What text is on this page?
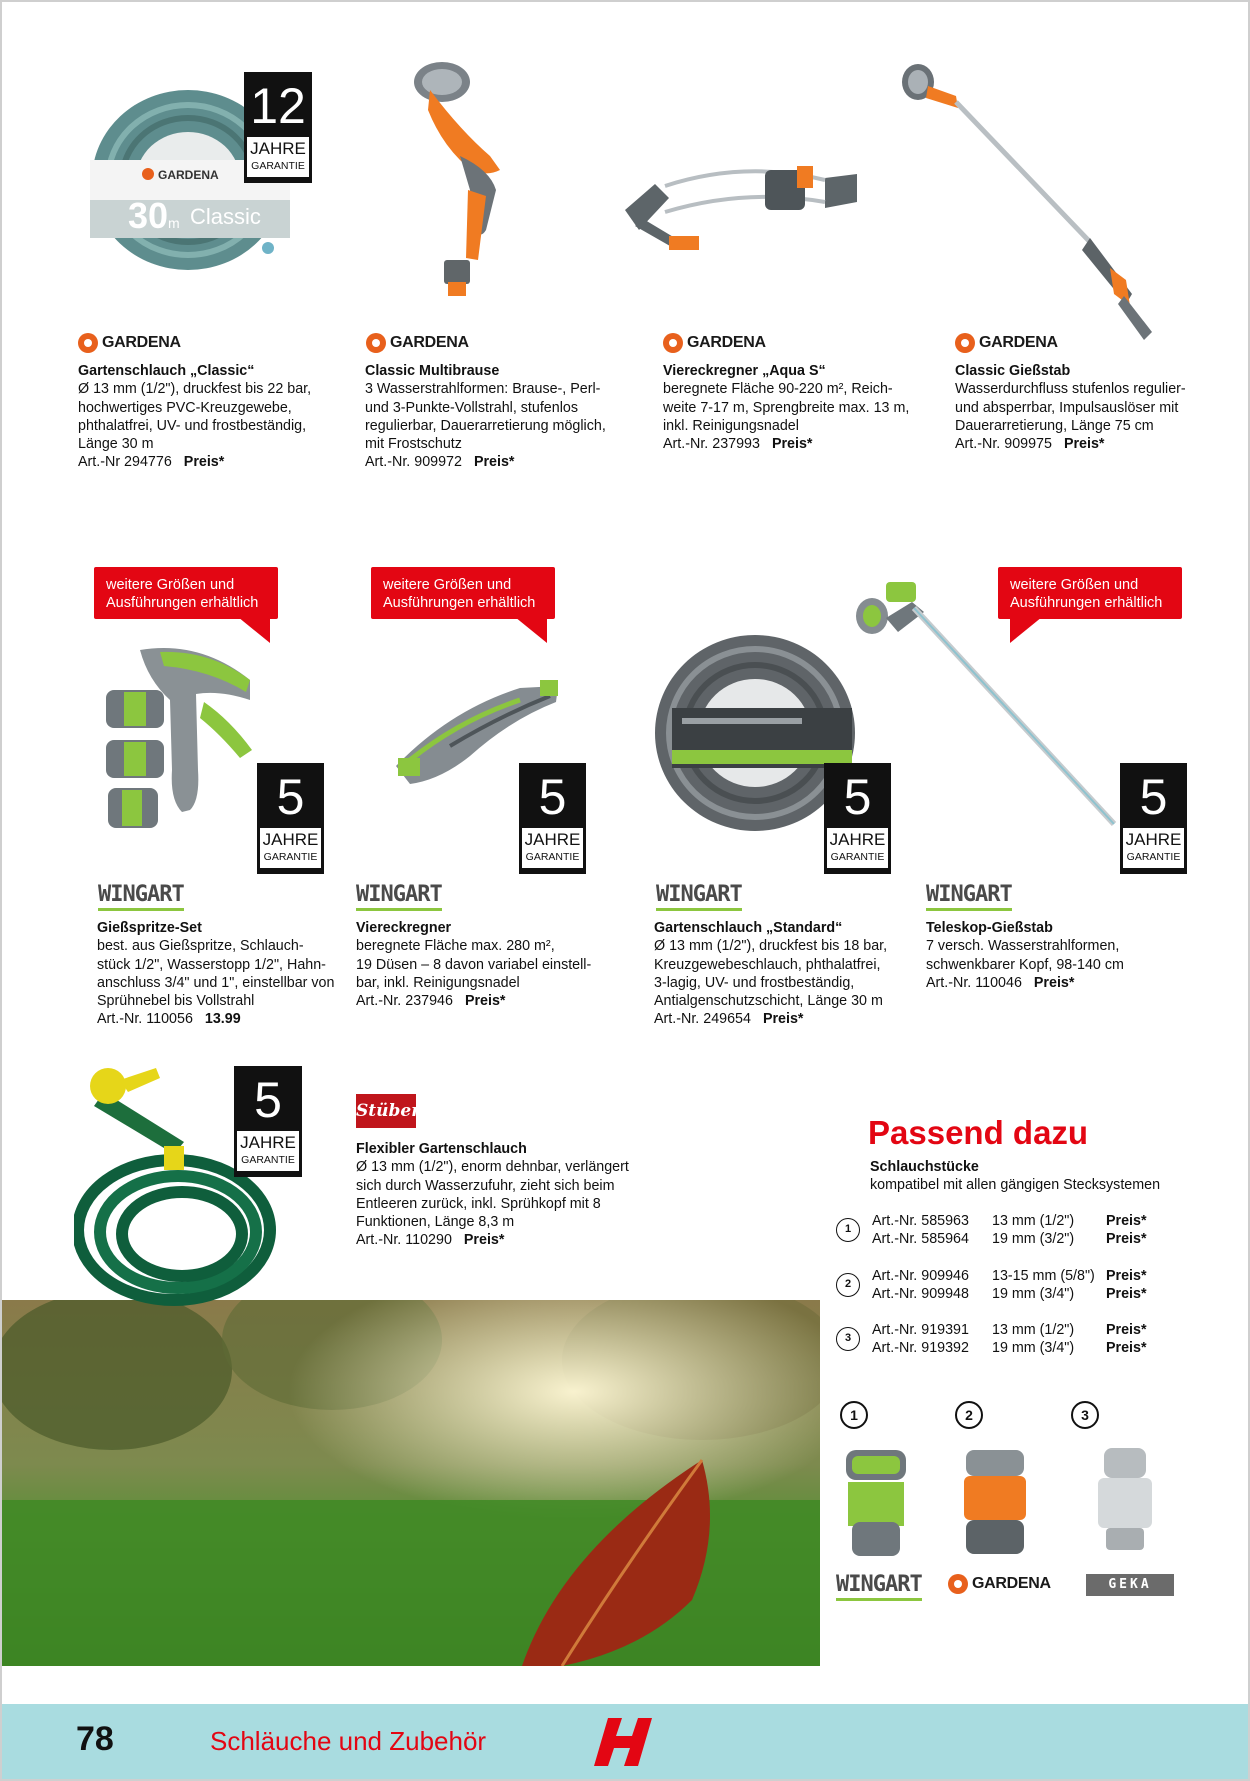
30 m Classic
GARDENA
12
JAHRE
GARANTIE
GARDENA	GARDENA	GARDENA	GARDENA
Gartenschlauch „Classic“
Ø 13 mm (1/2"), druckfest bis 22 bar,
hochwertiges PVC-Kreuzgewebe,
phthalatfrei, UV- und frostbeständig,
Länge 30 m
Art.-Nr 294776 Preis*
Classic Multibrause
3 Wasserstrahlformen: Brause-, Perl-
und 3-Punkte-Vollstrahl, stufenlos
regulierbar, Dauerarretierung möglich,
mit Frostschutz
Art.-Nr. 909972 Preis*
Viereckregner „Aqua S“
beregnete Fläche 90-220 m², Reich-
weite 7-17 m, Sprengbreite max. 13 m,
inkl. Reinigungsnadel
Art.-Nr. 237993 Preis*
Classic Gießstab
Wasserdurchfluss stufenlos regulier-
und absperrbar, Impulsauslöser mit
Dauerarretierung, Länge 75 cm
Art.-Nr. 909975 Preis*
weitere Größen und
Ausführungen erhältlich
weitere Größen und
Ausführungen erhältlich
weitere Größen und
Ausführungen erhältlich
5
JAHRE
GARANTIE
5
JAHRE
GARANTIE
5
JAHRE
GARANTIE
5
JAHRE
GARANTIE
WINGART	WINGART	WINGART	WINGART
Gießspritze-Set
best. aus Gießspritze, Schlauch-
stück 1/2", Wasserstopp 1/2", Hahn-
anschluss 3/4" und 1", einstellbar von
Sprühnebel bis Vollstrahl
Art.-Nr. 110056 13.99
Viereckregner
beregnete Fläche max. 280 m²,
19 Düsen – 8 davon variabel einstell-
bar, inkl. Reinigungsnadel
Art.-Nr. 237946 Preis*
Gartenschlauch „Standard“
Ø 13 mm (1/2"), druckfest bis 18 bar,
Kreuzgewebeschlauch, phthalatfrei,
3-lagig, UV- und frostbeständig,
Antialgenschutzschicht, Länge 30 m
Art.-Nr. 249654 Preis*
Teleskop-Gießstab
7 versch. Wasserstrahlformen,
schwenkbarer Kopf, 98-140 cm
Art.-Nr. 110046 Preis*
5
JAHRE
GARANTIE
Stüber
Flexibler Gartenschlauch
Ø 13 mm (1/2"), enorm dehnbar, verlängert
sich durch Wasserzufuhr, zieht sich beim
Entleeren zurück, inkl. Sprühkopf mit 8
Funktionen, Länge 8,3 m
Art.-Nr. 110290 Preis*
Passend dazu
Schlauchstücke
kompatibel mit allen gängigen Stecksystemen
1	Art.-Nr. 585963 13 mm (1/2") Preis*
Art.-Nr. 585964 19 mm (3/2") Preis*
2	Art.-Nr. 909946 13-15 mm (5/8") Preis*
Art.-Nr. 909948 19 mm (3/4") Preis*
3	Art.-Nr. 919391 13 mm (1/2") Preis*
Art.-Nr. 919392 19 mm (3/4") Preis*
1	2	3
WINGART	GARDENA	GEKA
78	Schläuche und Zubehör
